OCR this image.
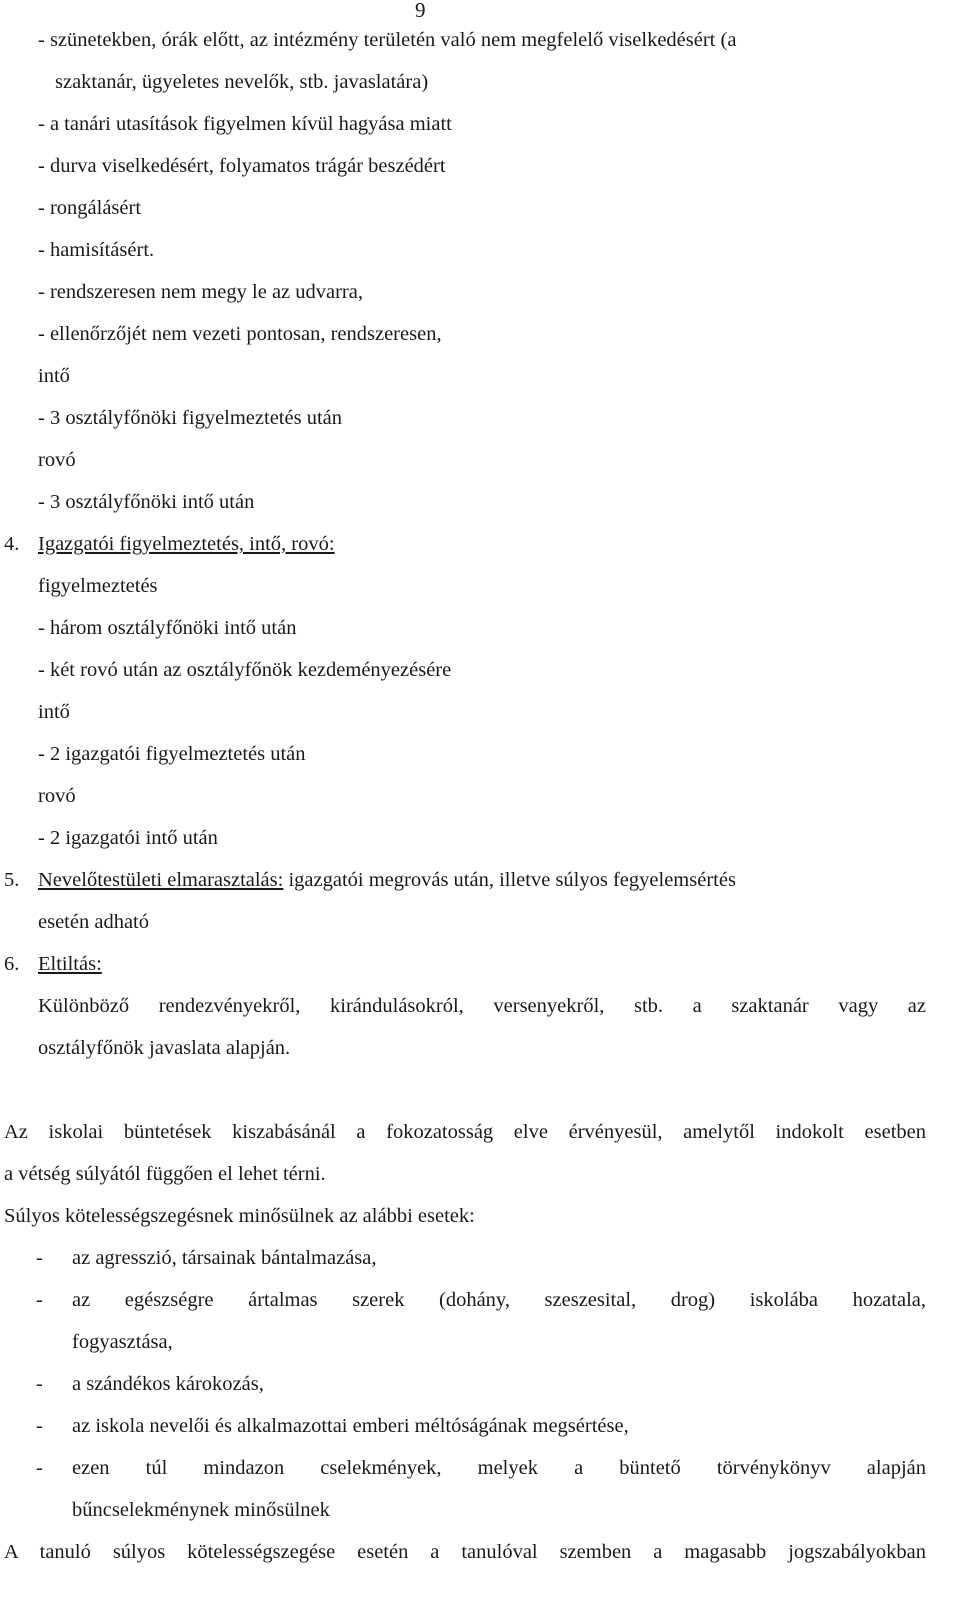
9
- szünetekben, órák előtt, az intézmény területén való nem megfelelő viselkedésért (a
szaktanár, ügyeletes nevelők, stb. javaslatára)
- a tanári utasítások figyelmen kívül hagyása miatt
- durva viselkedésért, folyamatos trágár beszédért
- rongálásért
- hamisításért.
- rendszeresen nem megy le az udvarra,
- ellenőrzőjét nem vezeti pontosan, rendszeresen,
intő
- 3 osztályfőnöki figyelmeztetés után
rovó
- 3 osztályfőnöki intő után
4. Igazgatói figyelmeztetés, intő, rovó:
figyelmeztetés
- három osztályfőnöki intő után
- két rovó után az osztályfőnök kezdeményezésére
intő
- 2 igazgatói figyelmeztetés után
rovó
- 2 igazgatói intő után
5. Nevelőtestületi elmarasztalás: igazgatói megrovás után, illetve súlyos fegyelemsértés
esetén adható
6. Eltiltás:
Különböző rendezvényekről, kirándulásokról, versenyekről, stb. a szaktanár vagy az
osztályfőnök javaslata alapján.
Az iskolai büntetések kiszabásánál a fokozatosság elve érvényesül, amelytől indokolt esetben
a vétség súlyától függően el lehet térni.
Súlyos kötelességszegésnek minősülnek az alábbi esetek:
- az agresszió, társainak bántalmazása,
- az egészségre ártalmas szerek (dohány, szeszesital, drog) iskolába hozatala,
fogyasztása,
- a szándékos károkozás,
- az iskola nevelői és alkalmazottai emberi méltóságának megsértése,
- ezen túl mindazon cselekmények, melyek a büntető törvénykönyv alapján
bűncselekménynek minősülnek
A tanuló súlyos kötelességszegése esetén a tanulóval szemben a magasabb jogszabályokban
